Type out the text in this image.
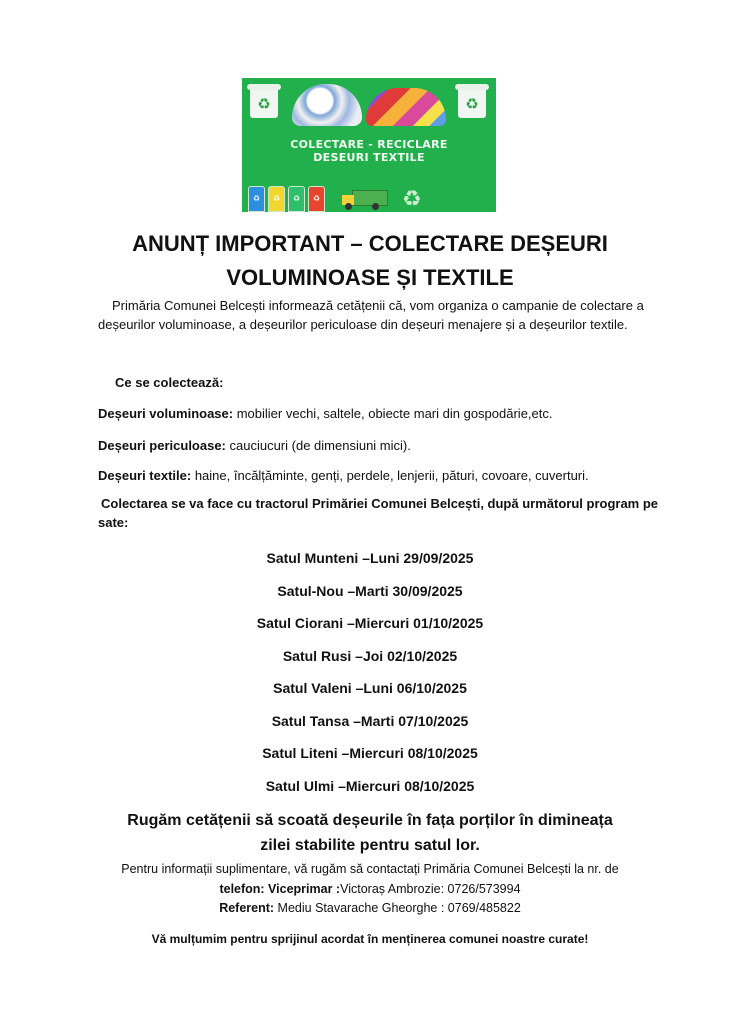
♻	♻
COLECTARE - RECICLARE
DESEURI TEXTILE
♻	♻	♻	♻	♻
ANUNȚ IMPORTANT – COLECTARE DEȘEURI
VOLUMINOASE ȘI TEXTILE
Primăria Comunei Belcești informează cetățenii că, vom organiza o campanie de colectare a deșeurilor voluminoase, a deșeurilor periculoase din deșeuri menajere și a deșeurilor textile.
Ce se colectează:
Deșeuri voluminoase: mobilier vechi, saltele, obiecte mari din gospodărie,etc.
Deșeuri periculoase: cauciucuri (de dimensiuni mici).
Deșeuri textile: haine, încălțăminte, genți, perdele, lenjerii, pături, covoare, cuverturi.
Colectarea se va face cu tractorul Primăriei Comunei Belcești, după următorul program pe sate:
Satul Munteni –Luni 29/09/2025
Satul-Nou –Marti 30/09/2025
Satul Ciorani –Miercuri 01/10/2025
Satul Rusi –Joi 02/10/2025
Satul Valeni –Luni 06/10/2025
Satul Tansa –Marti 07/10/2025
Satul Liteni –Miercuri 08/10/2025
Satul Ulmi –Miercuri 08/10/2025
Rugăm cetățenii să scoată deșeurile în fața porților în dimineața
zilei stabilite pentru satul lor.
Pentru informații suplimentare, vă rugăm să contactați Primăria Comunei Belcești la nr. de
telefon: Viceprimar :Victoraș Ambrozie: 0726/573994
Referent: Mediu Stavarache Gheorghe : 0769/485822
Vă mulțumim pentru sprijinul acordat în menținerea comunei noastre curate!
